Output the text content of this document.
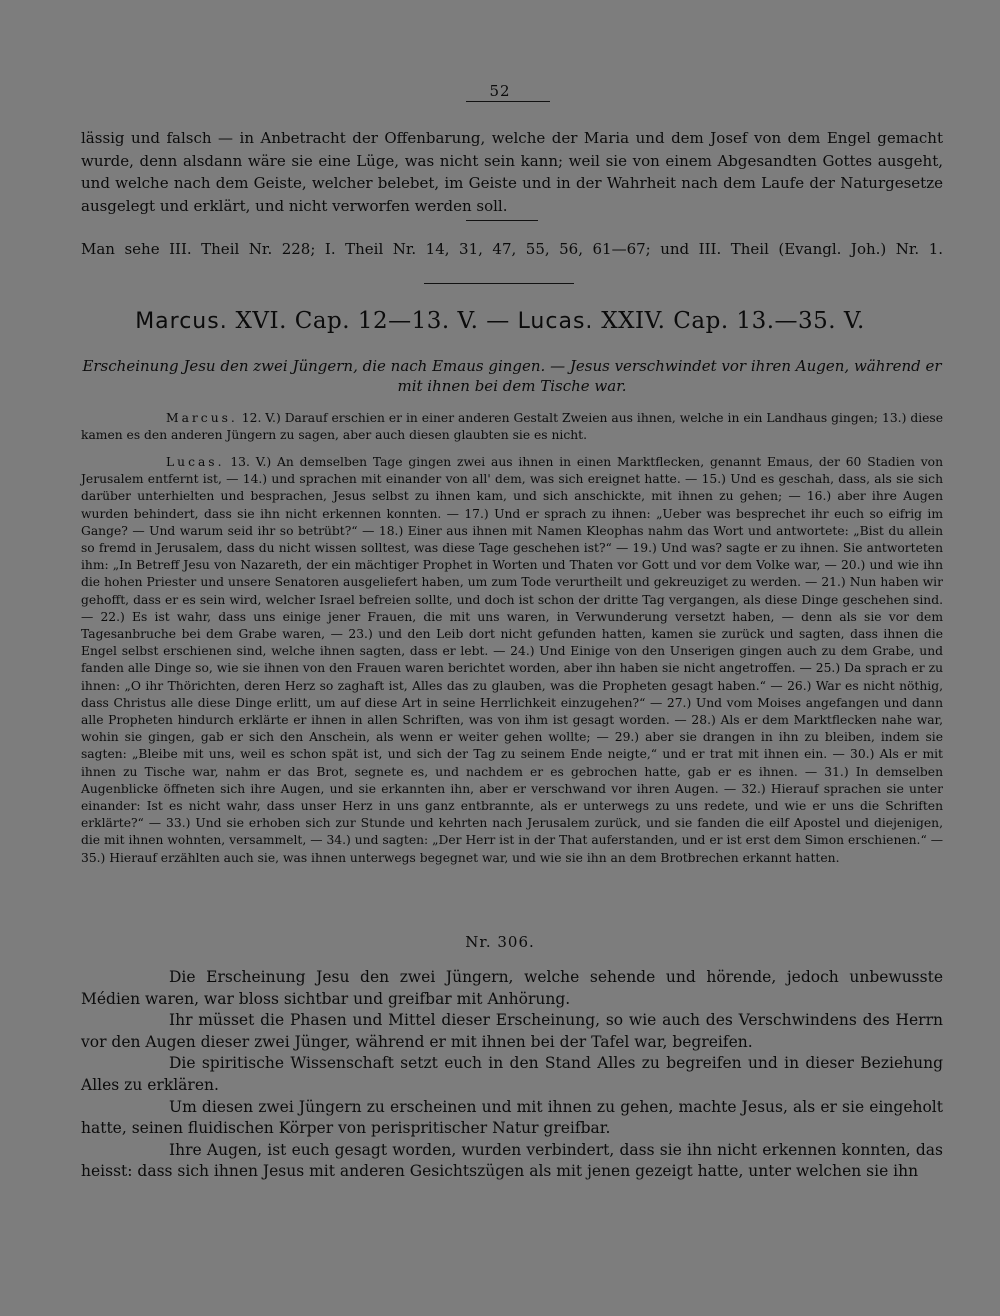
52
lässig und falsch — in Anbetracht der Offenbarung, welche der Maria und dem Josef von dem Engel gemacht wurde, denn alsdann wäre sie eine Lüge, was nicht sein kann; weil sie von einem Abgesandten Gottes ausgeht, und welche nach dem Geiste, welcher belebet, im Geiste und in der Wahrheit nach dem Laufe der Naturgesetze ausgelegt und erklärt, und nicht verworfen werden soll.
Man sehe III. Theil Nr. 228; I. Theil Nr. 14, 31, 47, 55, 56, 61—67; und III. Theil (Evangl. Joh.) Nr. 1.
Marcus. XVI. Cap. 12—13. V. — Lucas. XXIV. Cap. 13.—35. V.
Erscheinung Jesu den zwei Jüngern, die nach Emaus gingen. — Jesus verschwindet vor ihren Augen, während er mit ihnen bei dem Tische war.
Marcus. 12. V.) Darauf erschien er in einer anderen Gestalt Zweien aus ihnen, welche in ein Landhaus gingen; 13.) diese kamen es den anderen Jüngern zu sagen, aber auch diesen glaubten sie es nicht.
Lucas. 13. V.) An demselben Tage gingen zwei aus ihnen in einen Marktflecken, genannt Emaus, der 60 Stadien von Jerusalem entfernt ist, — 14.) und sprachen mit einander von all' dem, was sich ereignet hatte. — 15.) Und es geschah, dass, als sie sich darüber unterhielten und besprachen, Jesus selbst zu ihnen kam, und sich anschickte, mit ihnen zu gehen; — 16.) aber ihre Augen wurden behindert, dass sie ihn nicht erkennen konnten. — 17.) Und er sprach zu ihnen: „Ueber was besprechet ihr euch so eifrig im Gange? — Und warum seid ihr so betrübt?“ — 18.) Einer aus ihnen mit Namen Kleophas nahm das Wort und antwortete: „Bist du allein so fremd in Jerusalem, dass du nicht wissen solltest, was diese Tage geschehen ist?“ — 19.) Und was? sagte er zu ihnen. Sie antworteten ihm: „In Betreff Jesu von Nazareth, der ein mächtiger Prophet in Worten und Thaten vor Gott und vor dem Volke war, — 20.) und wie ihn die hohen Priester und unsere Senatoren ausgeliefert haben, um zum Tode verurtheilt und gekreuziget zu werden. — 21.) Nun haben wir gehofft, dass er es sein wird, welcher Israel befreien sollte, und doch ist schon der dritte Tag vergangen, als diese Dinge geschehen sind. — 22.) Es ist wahr, dass uns einige jener Frauen, die mit uns waren, in Verwunderung versetzt haben, — denn als sie vor dem Tagesanbruche bei dem Grabe waren, — 23.) und den Leib dort nicht gefunden hatten, kamen sie zurück und sagten, dass ihnen die Engel selbst erschienen sind, welche ihnen sagten, dass er lebt. — 24.) Und Einige von den Unserigen gingen auch zu dem Grabe, und fanden alle Dinge so, wie sie ihnen von den Frauen waren berichtet worden, aber ihn haben sie nicht angetroffen. — 25.) Da sprach er zu ihnen: „O ihr Thörichten, deren Herz so zaghaft ist, Alles das zu glauben, was die Propheten gesagt haben.“ — 26.) War es nicht nöthig, dass Christus alle diese Dinge erlitt, um auf diese Art in seine Herrlichkeit einzugehen?“ — 27.) Und vom Moises angefangen und dann alle Propheten hindurch erklärte er ihnen in allen Schriften, was von ihm ist gesagt worden. — 28.) Als er dem Marktflecken nahe war, wohin sie gingen, gab er sich den Anschein, als wenn er weiter gehen wollte; — 29.) aber sie drangen in ihn zu bleiben, indem sie sagten: „Bleibe mit uns, weil es schon spät ist, und sich der Tag zu seinem Ende neigte,“ und er trat mit ihnen ein. — 30.) Als er mit ihnen zu Tische war, nahm er das Brot, segnete es, und nachdem er es gebrochen hatte, gab er es ihnen. — 31.) In demselben Augenblicke öffneten sich ihre Augen, und sie erkannten ihn, aber er verschwand vor ihren Augen. — 32.) Hierauf sprachen sie unter einander: Ist es nicht wahr, dass unser Herz in uns ganz entbrannte, als er unterwegs zu uns redete, und wie er uns die Schriften erklärte?“ — 33.) Und sie erhoben sich zur Stunde und kehrten nach Jerusalem zurück, und sie fanden die eilf Apostel und diejenigen, die mit ihnen wohnten, versammelt, — 34.) und sagten: „Der Herr ist in der That auferstanden, und er ist erst dem Simon erschienen.“ — 35.) Hierauf erzählten auch sie, was ihnen unterwegs begegnet war, und wie sie ihn an dem Brotbrechen erkannt hatten.
Nr. 306.

Die Erscheinung Jesu den zwei Jüngern, welche sehende und hörende, jedoch unbewusste Médien waren, war bloss sichtbar und greifbar mit Anhörung.

Ihr müsset die Phasen und Mittel dieser Erscheinung, so wie auch des Verschwindens des Herrn vor den Augen dieser zwei Jünger, während er mit ihnen bei der Tafel war, begreifen.

Die spiritische Wissenschaft setzt euch in den Stand Alles zu begreifen und in dieser Beziehung Alles zu erklären.

Um diesen zwei Jüngern zu erscheinen und mit ihnen zu gehen, machte Jesus, als er sie eingeholt hatte, seinen fluidischen Körper von perispritischer Natur greifbar.

Ihre Augen, ist euch gesagt worden, wurden verbindert, dass sie ihn nicht erkennen konnten, das heisst: dass sich ihnen Jesus mit anderen Gesichtszügen als mit jenen gezeigt hatte, unter welchen sie ihn
